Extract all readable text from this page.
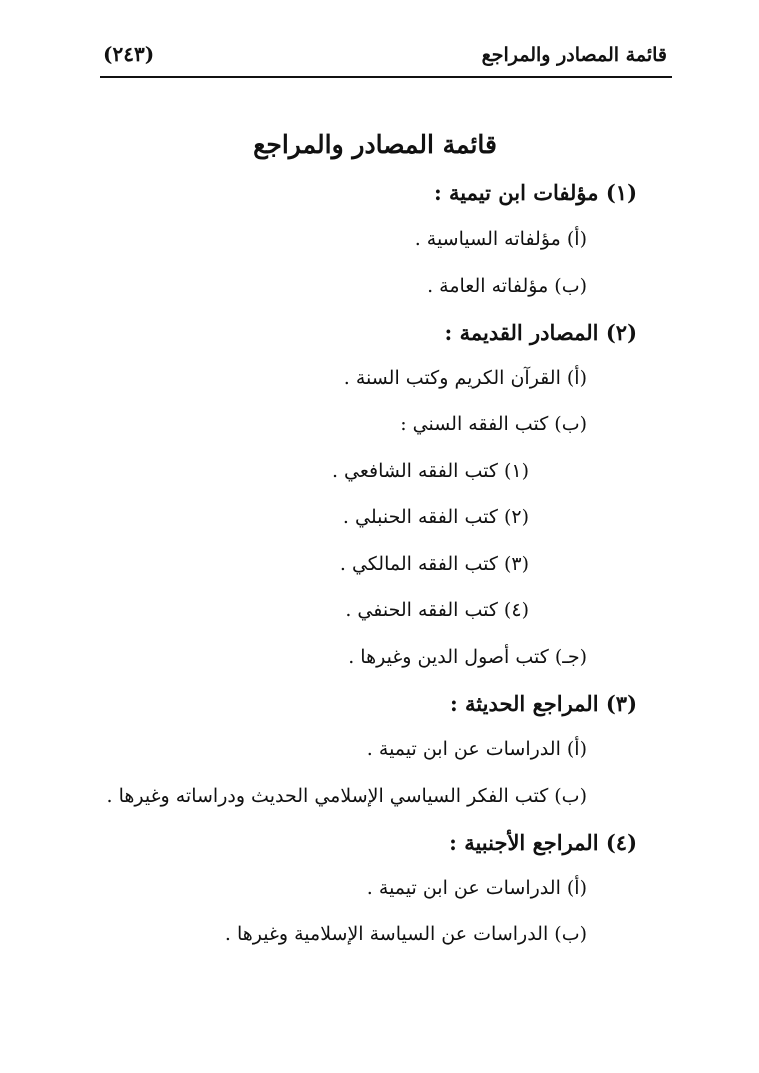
قائمة المصادر والمراجع
(٢٤٣)
قائمة المصادر والمراجع
(١) مؤلفات ابن تيمية :
(أ) مؤلفاته السياسية .
(ب) مؤلفاته العامة .
(٢) المصادر القديمة :
(أ) القرآن الكريم وكتب السنة .
(ب) كتب الفقه السني :
(١) كتب الفقه الشافعي .
(٢) كتب الفقه الحنبلي .
(٣) كتب الفقه المالكي .
(٤) كتب الفقه الحنفي .
(جـ) كتب أصول الدين وغيرها .
(٣) المراجع الحديثة :
(أ) الدراسات عن ابن تيمية .
(ب) كتب الفكر السياسي الإسلامي الحديث ودراساته وغيرها .
(٤) المراجع الأجنبية :
(أ) الدراسات عن ابن تيمية .
(ب) الدراسات عن السياسة الإسلامية وغيرها .
